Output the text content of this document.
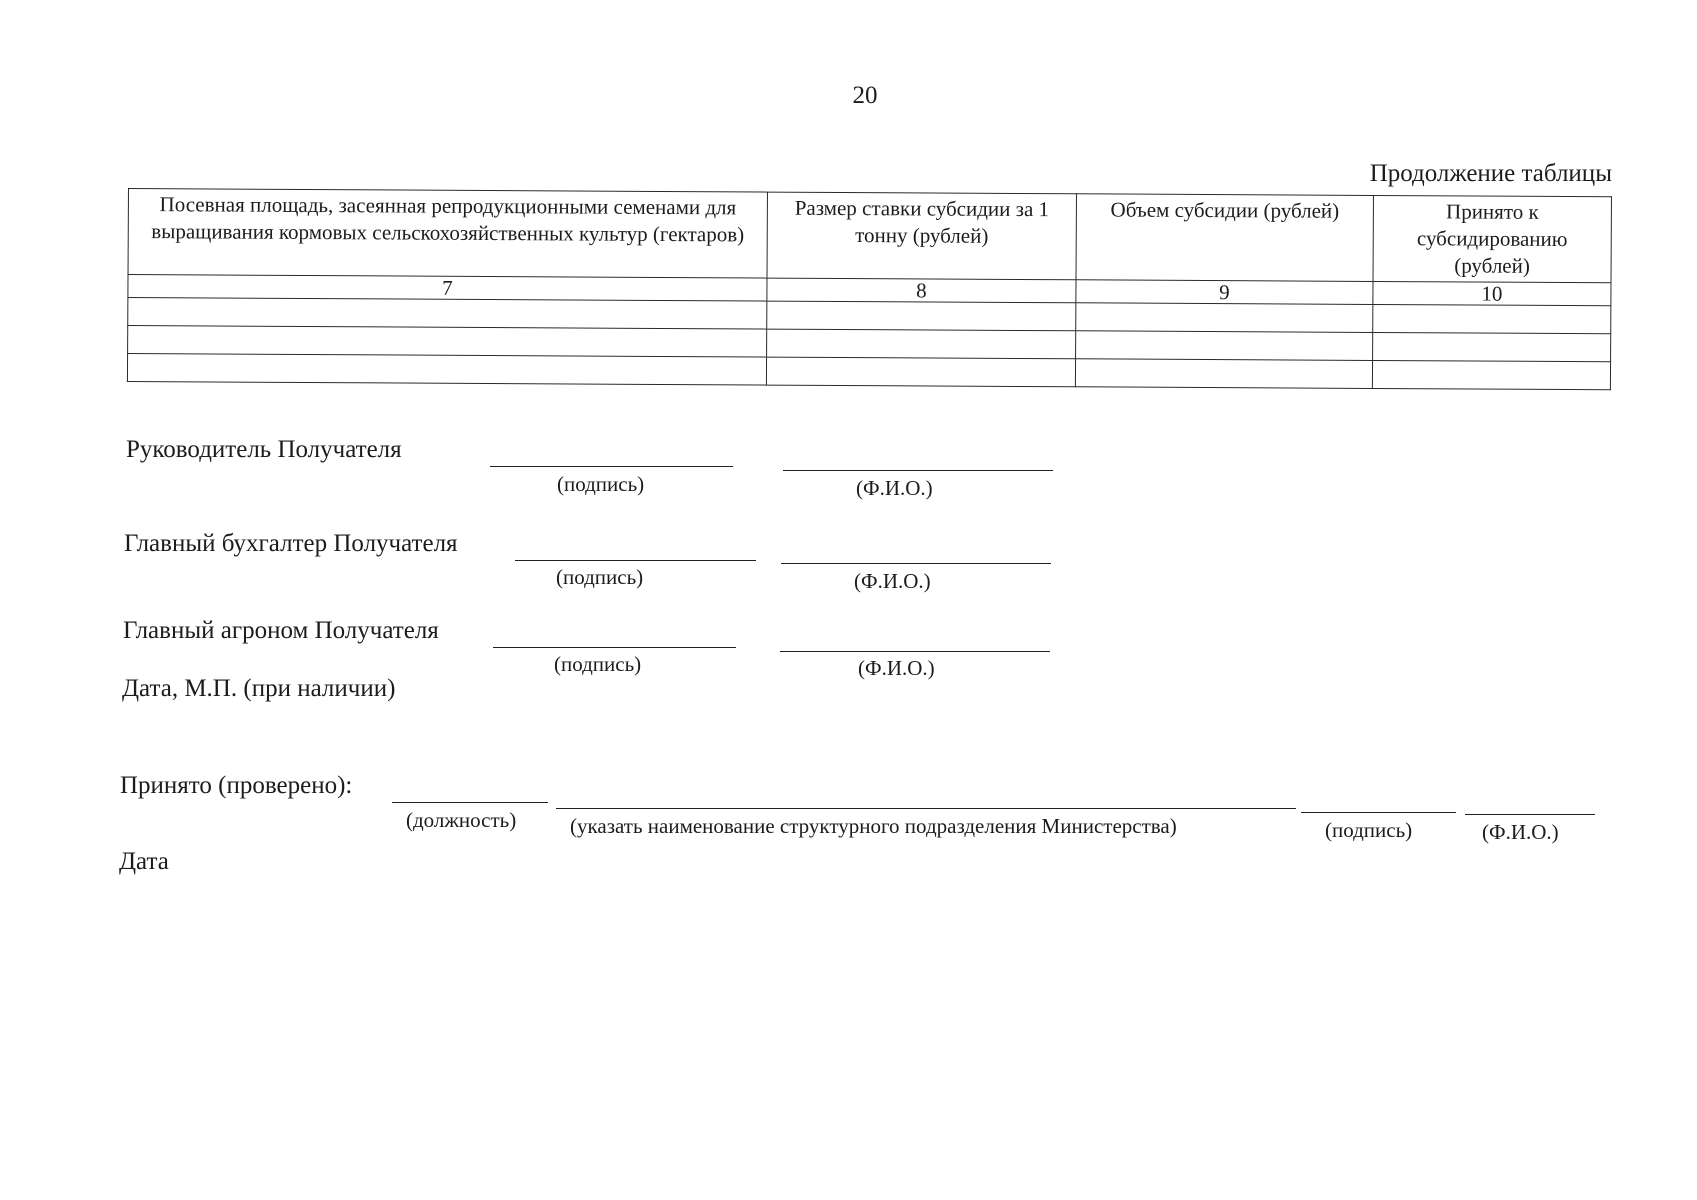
20
Продолжение таблицы
Посевная площадь, засеянная репродукционными семенами для выращивания кормовых сельскохозяйственных культур (гектаров)	Размер ставки субсидии за 1 тонну (рублей)	Объем субсидии (рублей)	Принято к субсидированию (рублей)
7	8	9	10

Руководитель Получателя
(подпись)	(Ф.И.О.)
Главный бухгалтер Получателя
(подпись)	(Ф.И.О.)
Главный агроном Получателя
(подпись)	(Ф.И.О.)
Дата, М.П. (при наличии)
Принято (проверено):
(должность)	(указать наименование структурного подразделения Министерства)	(подпись)	(Ф.И.О.)
Дата
